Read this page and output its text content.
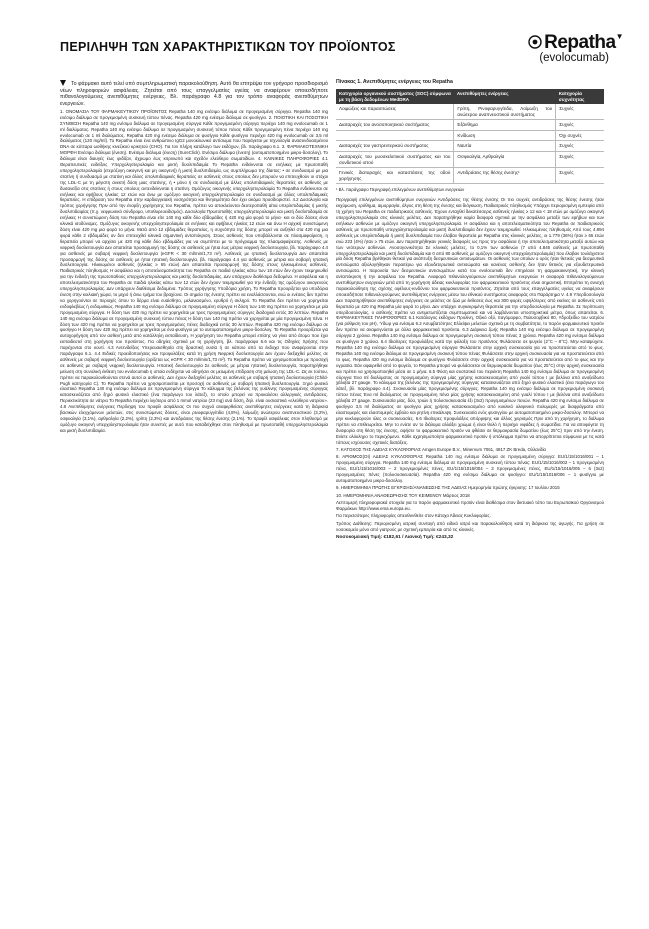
ΠΕΡΙΛΗΨΗ ΤΩΝ ΧΑΡΑΚΤΗΡΙΣΤΙΚΩΝ ΤΟΥ ΠΡΟΪΟΝΤΟΣ	Repatha▼
(evolocumab)

Το φάρμακο αυτό τελεί υπό συμπληρωματική παρακολούθηση. Αυτό θα επιτρέψει τον γρήγορο προσδιορισμό νέων πληροφοριών ασφάλειας. Ζητείται από τους επαγγελματίες υγείας να αναφέρουν οποιεσδήποτε πιθανολογούμενες ανεπιθύμητες ενέργειες. Βλ. παράγραφο 4.8 για τον τρόπο αναφοράς ανεπιθύμητων ενεργειών.

1. ΟΝΟΜΑΣΙΑ ΤΟΥ ΦΑΡΜΑΚΕΥΤΙΚΟΥ ΠΡΟΪΟΝΤΟΣ Repatha 140 mg ενέσιμο διάλυμα σε προγεμισμένη σύριγγα. Repatha 140 mg ενέσιμο διάλυμα σε προγεμισμένη συσκευή τύπου πένας. Repatha 420 mg ενέσιμο διάλυμα σε φυσίγγιο. 2. ΠΟΙΟΤΙΚΗ ΚΑΙ ΠΟΣΟΤΙΚΗ ΣΥΝΘΕΣΗ Repatha 140 mg ενέσιμο διάλυμα σε προγεμισμένη σύριγγα Κάθε προγεμισμένη σύριγγα περιέχει 140 mg evolocumab σε 1 ml διαλύματος. Repatha 140 mg ενέσιμο διάλυμα σε προγεμισμένη συσκευή τύπου πένας Κάθε προγεμισμένη πένα περιέχει 140 mg evolocumab σε 1 ml διαλύματος. Repatha 420 mg ενέσιμο διάλυμα σε φυσίγγιο Κάθε φυσίγγιο περιέχει 420 mg evolocumab σε 3,5 ml διαλύματος (120 mg/ml). Το Repatha είναι ένα ανθρώπινο IgG2 μονοκλωνικό αντίσωμα που παράγεται με τεχνολογία ανασυνδυασμένου DNA σε κύτταρα ωοθήκης κινεζικού κρικητού (CHO). Για τον πλήρη κατάλογο των εκδόχων, βλ. παράγραφο 6.1. 3. ΦΑΡΜΑΚΟΤΕΧΝΙΚΗ ΜΟΡΦΗ Ενέσιμο διάλυμα (ένεση). Ενέσιμο διάλυμα (ένεση) (SureClick). Ενέσιμο διάλυμα (ένεση) (αυτοματοποιημένο μικρο-δοσολογ). Το διάλυμα είναι διαυγές έως ιριδίζον, άχρωμο έως κιτρινωπό και σχεδόν ελεύθερο σωματιδίων. 4. ΚΛΙΝΙΚΕΣ ΠΛΗΡΟΦΟΡΙΕΣ 4.1 Θεραπευτικές ενδείξεις Υπερχοληστερολαιμία και μικτή δυσλιπιδαιμία Το Repatha ενδείκνυται σε ενήλικες με πρωτοπαθή υπερχοληστερολαιμία (ετερόζυγη οικογενή και μη οικογενή) ή μικτή δυσλιπιδαιμία, ως συμπλήρωμα της δίαιτας: • σε συνδυασμό με μια στατίνη ή συνδυασμό με στατίνη και άλλες υπολιπιδαιμικές θεραπείες σε ασθενείς στους οποίους δεν μπορούν να επιτευχθούν οι στόχοι της LDL-C με τη μέγιστη ανεκτή δόση μιας στατίνης, ή • μόνο ή σε συνδυασμό με άλλες υπολιπιδαιμικές θεραπείες σε ασθενείς με δυσανεξία στις στατίνες ή στους οποίους αντενδείκνυται η στατίνη. Ομόζυγος οικογενής υπερχοληστερολαιμία Το Repatha ενδείκνυται σε ενήλικες και εφήβους ηλικίας 12 ετών και άνω με ομόζυγο οικογενή υπερχοληστερολαιμία σε συνδυασμό με άλλες υπολιπιδαιμικές θεραπείες. Η επίδραση του Repatha στην καρδιαγγειακή νοσηρότητα και θνησιμότητα δεν έχει ακόμα προσδιοριστεί. 4.2 Δοσολογία και τρόπος χορήγησης Πριν από την έναρξη χορήγησης του Repatha, πρέπει να αποκλείονται δευτεροπαθή αίτια υπερλιπιδαιμίας ή μικτής δυσλιπιδαιμίας (π.χ. νεφρωσικό σύνδρομο, υποθυρεοειδισμός). Δοσολογία Πρωτοπαθής υπερχοληστερολαιμία και μικτή δυσλιπιδαιμία σε ενήλικες Η συνιστώμενη δόση του Repatha είναι είτε 140 mg κάθε δύο εβδομάδες ή 420 mg μία φορά το μήνα· και οι δύο δόσεις είναι κλινικά ισοδύναμες. Ομόζυγος οικογενής υπερχοληστερολαιμία σε ενήλικες και εφήβους ηλικίας 12 ετών και άνω Η αρχική συνιστώμενη δόση είναι 420 mg μια φορά το μήνα. Μετά από 12 εβδομάδες θεραπείας, η συχνότητα της δόσης μπορεί να αυξηθεί στα 420 mg μια φορά κάθε 2 εβδομάδες αν δεν επιτευχθεί κλινικά σημαντική ανταπόκριση. Στους ασθενείς που υποβάλλονται σε πλασμαφαίρεση, η θεραπεία μπορεί να αρχίσει με 420 mg κάθε δύο εβδομάδες για να συμπίπτει με το πρόγραμμα της πλασμαφαίρεσης. Ασθενείς με νεφρική δυσλειτουργία Δεν απαιτείται προσαρμογή της δόσης σε ασθενείς με ήπια έως μέτρια νεφρική δυσλειτουργία, βλ. παράγραφο 4.4 για ασθενείς με σοβαρή νεφρική δυσλειτουργία (eGFR < 30 ml/min/1,73 m²). Ασθενείς με ηπατική δυσλειτουργία Δεν απαιτείται προσαρμογή της δόσης σε ασθενείς με ήπια ηπατική δυσλειτουργία, βλ. παράγραφο 4.4 για ασθενείς με μέτρια και σοβαρή ηπατική δυσλειτουργία. Ηλικιωμένοι ασθενείς (ηλικίας ≥ 65 ετών) Δεν απαιτείται προσαρμογή της δόσης στους ηλικιωμένους ασθενείς. Παιδιατρικός πληθυσμός Η ασφάλεια και η αποτελεσματικότητα του Repatha σε παιδιά ηλικίας κάτω των 18 ετών δεν έχουν τεκμηριωθεί για την ένδειξη της πρωτοπαθούς υπερχοληστερολαιμίας και μικτής δυσλιπιδαιμίας. Δεν υπάρχουν διαθέσιμα δεδομένα. Η ασφάλεια και η αποτελεσματικότητα του Repatha σε παιδιά ηλικίας κάτω των 12 ετών δεν έχουν τεκμηριωθεί για την ένδειξη της ομόζυγου οικογενούς υπερχοληστερολαιμίας. Δεν υπάρχουν διαθέσιμα δεδομένα. Τρόπος χορήγησης Υποδόρια χρήση. Το Repatha προορίζεται για υποδόρια ένεση στην κοιλιακή χώρα, το μηρό ή άνω τμήμα του βραχίονα. Οι σημεία της ένεσης πρέπει να εναλλάσσονται, ενώ οι ενέσεις δεν πρέπει να χορηγούνται σε περιοχές όπου το δέρμα είναι ευαίσθητο, μελανιασμένο, ερυθρό ή σκληρό. Το Repatha δεν πρέπει να χορηγείται ενδοφλεβίως ή ενδομυϊκώς. Repatha 140 mg ενέσιμο διάλυμα σε προγεμισμένη σύριγγα Η δόση των 140 mg πρέπει να χορηγείται με μία προγεμισμένη σύριγγα. Η δόση των 420 mg πρέπει να χορηγείται με τρεις προγεμισμένες σύριγγες διαδοχικά εντός 30 λεπτών. Repatha 140 mg ενέσιμο διάλυμα σε προγεμισμένη συσκευή τύπου πένας Η δόση των 140 mg πρέπει να χορηγείται με μία προγεμισμένη πένα. Η δόση των 420 mg πρέπει να χορηγείται με τρεις προγεμισμένες πένες διαδοχικά εντός 30 λεπτών. Repatha 420 mg ενέσιμο διάλυμα σε φυσίγγιο Η δόση των 420 mg πρέπει να χορηγείται με ένα φυσίγγιο με το αυτοματοποιημένο μικρο-δοσολογ. Το Repatha προορίζεται για αυτοχορήγηση από τον ασθενή μετά από κατάλληλη εκπαίδευση. Η χορήγηση του Repatha μπορεί επίσης να γίνει από άτομο που έχει εκπαιδευτεί στη χορήγηση του προϊόντος. Για οδηγίες σχετικά με τη χορήγηση, βλ. παράγραφο 6.6 και τις Οδηγίες Χρήσης που παρέχονται στο κουτί. 4.3 Αντενδείξεις Υπερευαισθησία στη δραστική ουσία ή σε κάποιο από τα έκδοχα που αναφέρονται στην παράγραφο 6.1. 4.4 Ειδικές προειδοποιήσεις και προφυλάξεις κατά τη χρήση Νεφρική δυσλειτουργία Δεν έχουν διεξαχθεί μελέτες σε ασθενείς με σοβαρή νεφρική δυσλειτουργία (ορίζεται ως eGFR < 30 ml/min/1,73 m²). Το Repatha πρέπει να χρησιμοποιείται με προσοχή σε ασθενείς με σοβαρή νεφρική δυσλειτουργία. Ηπατική δυσλειτουργία Σε ασθενείς με μέτρια ηπατική δυσλειτουργία, παρατηρήθηκε μείωση στη συνολική έκθεση του evolocumab η οποία ενδέχεται να οδηγήσει σε μειωμένη επίδραση στη μείωση της LDL-C. Ως εκ τούτου, πρέπει να παρακολουθούνται στενά αυτοί οι ασθενείς. Δεν έχουν διεξαχθεί μελέτες σε ασθενείς με σοβαρή ηπατική δυσλειτουργία (Child-Pugh κατηγορία C). Το Repatha πρέπει να χρησιμοποιείται με προσοχή σε ασθενείς με σοβαρή ηπατική δυσλειτουργία. Ξηρό φυσικό ελαστικό Repatha 140 mg ενέσιμο διάλυμα σε προγεμισμένη σύριγγα Το κάλυμμα της βελόνας της γυάλινης προγεμισμένης σύριγγας κατασκευάζεται από ξηρό φυσικό ελαστικό (ένα παράγωγο του λάτεξ), το οποίο μπορεί να προκαλέσει αλλεργικές αντιδράσεις. Περιεκτικότητα σε νάτριο Το Repatha περιέχει λιγότερο από 1 mmol νατρίου (23 mg) ανά δόση, δηλ. είναι ουσιαστικά «ελεύθερο νατρίου». 4.8 Ανεπιθύμητες ενέργειες Περίληψη του προφίλ ασφάλειας Οι πιο συχνά αναφερθείσες ανεπιθύμητες ενέργειες κατά τη διάρκεια βασικών ελεγχόμενων μελετών, στις συνιστώμενες δόσεις, είναι ρινοφαρυγγίτιδα (4,8%), λοίμωξη ανώτερου αναπνευστικού (3,2%), οσφυαλγία (3,1%), αρθραλγία (2,2%), γρίπη (2,3%) και αντιδράσεις της θέσης ένεσης (2,1%). Το προφίλ ασφάλειας στον πληθυσμό με ομόζυγο οικογενή υπερχοληστερολαιμία ήταν συνεπές με αυτό που καταδείχθηκε στον πληθυσμό με πρωτοπαθή υπερχοληστερολαιμία και μικτή δυσλιπιδαιμία.

Πίνακας 1. Ανεπιθύμητες ενέργειες του Repatha
Κατηγορία οργανικού συστήματος (SOC) σύμφωνα με τη βάση δεδομένων MedDRA	Ανεπιθύμητες ενέργειες	Κατηγορία συχνότητας
Λοιμώξεις και παρασιτώσεις	Γρίπη, Ρινοφαρυγγίτιδα, Λοίμωξη του ανώτερου αναπνευστικού συστήματος	Συχνές
Διαταραχές του ανοσοποιητικού συστήματος	Εξάνθημα	Συχνές
	Κνίδωση	Όχι συχνές
Διαταραχές του γαστρεντερικού συστήματος	Ναυτία	Συχνές
Διαταραχές του μυοσκελετικού συστήματος και του συνδετικού ιστού	Οσφυαλγία, Αρθραλγία	Συχνές
Γενικές διαταραχές και καταστάσεις της οδού χορήγησης	Αντιδράσεις της θέσης ένεσης¹	Συχνές
¹ Βλ. παράγραφο Περιγραφή επιλεγμένων ανεπιθύμητων ενεργειών

Περιγραφή επιλεγμένων ανεπιθύμητων ενεργειών Αντιδράσεις της θέσης ένεσης Οι πιο συχνές αντιδράσεις της θέσης ένεσης ήταν εκχύμωση, ερύθημα, αιμορραγία, άλγος στη θέση της ένεσης και διόγκωση. Παιδιατρικός πληθυσμός Υπάρχει περιορισμένη εμπειρία από τη χρήση του Repatha σε παιδιατρικούς ασθενείς. Έχουν ενταχθεί δεκατέσσερις ασθενείς ηλικίας ≥ 12 και < 18 ετών με ομόζυγο οικογενή υπερχοληστερολαιμία στις κλινικές μελέτες. Δεν παρατηρήθηκε καμία διαφορά σχετικά με την ασφάλεια μεταξύ των εφήβων και των ενήλικων ασθενών με ομόζυγο οικογενή υπερχοληστερολαιμία. Η ασφάλεια και η αποτελεσματικότητα του Repatha σε παιδιατρικούς ασθενείς με πρωτοπαθή υπερχοληστερολαιμία και μικτή δυσλιπιδαιμία δεν έχουν τεκμηριωθεί. Ηλικιωμένος πληθυσμός Από τους 4.894 ασθενείς με υπερλιπιδαιμία ή μικτή δυσλιπιδαιμία που έλαβαν θεραπεία με Repatha στις κλινικές μελέτες, οι 1.779 (36%) ήταν ≥ 65 ετών ενώ 223 (4%) ήταν ≥ 75 ετών. Δεν παρατηρήθηκαν γενικές διαφορές ως προς την ασφάλεια ή την αποτελεσματικότητα μεταξύ αυτών και των νεότερων ασθενών. Ανοσογονικότητα Σε κλινικές μελέτες, το 0,1% των ασθενών (7 από 4.846 ασθενείς με πρωτοπαθή υπερχοληστερολαιμία και μικτή δυσλιπιδαιμία και 0 από 80 ασθενείς με ομόζυγο οικογενή υπερχοληστερολαιμία) που έλαβαν τουλάχιστον μία δόση Repatha βρέθηκαν θετικοί για ανάπτυξη δεσμευτικών αντισωμάτων. Οι ασθενείς των οποίων ο ορός ήταν θετικός για δεσμευτικά αντισώματα αξιολογήθηκαν περαιτέρω για εξουδετερωτικά αντισώματα και κανένας ασθενής δεν ήταν θετικός για εξουδετερωτικά αντισώματα. Η παρουσία των δεσμευτικών αντισωμάτων κατά του evolocumab δεν επηρέασε τη φαρμακοκινητική, την κλινική ανταπόκριση ή την ασφάλεια του Repatha. Αναφορά πιθανολογούμενων ανεπιθύμητων ενεργειών Η αναφορά πιθανολογούμενων ανεπιθύμητων ενεργειών μετά από τη χορήγηση άδειας κυκλοφορίας του φαρμακευτικού προϊόντος είναι σημαντική. Επιτρέπει τη συνεχή παρακολούθηση της σχέσης οφέλους-κινδύνου του φαρμακευτικού προϊόντος. Ζητείται από τους επαγγελματίες υγείας να αναφέρουν οποιεσδήποτε πιθανολογούμενες ανεπιθύμητες ενέργειες μέσω του εθνικού συστήματος αναφοράς στο Παράρτημα V. 4.9 Υπερδοσολογία Δεν παρατηρήθηκαν ανεπιθύμητες ενέργειες σε μελέτες σε ζώα με έκθεσεις έως και 300 φορές υψηλότερες από εκείνες σε ασθενείς υπό θεραπεία με 420 mg Repatha μία φορά το μήνα. Δεν υπάρχει συγκεκριμένη θεραπεία για την υπερδοσολογία με Repatha. Σε περίπτωση υπερδοσολογίας, ο ασθενής πρέπει να αντιμετωπίζεται συμπτωματικά και να λαμβάνονται υποστηρικτικά μέτρα, όπως απαιτείται. 6. ΦΑΡΜΑΚΕΥΤΙΚΕΣ ΠΛΗΡΟΦΟΡΙΕΣ 6.1 Κατάλογος εκδόχων Προλίνη, Οξικό οξύ, παγόμορφο, Πολυσορβικό 80, Υδροξείδιο του νατρίου (για ρύθμιση του pH), Ύδωρ για ενέσιμα 6.2 Ασυμβατότητες Ελλείψει μελετών σχετικά με τη συμβατότητα, το παρόν φαρμακευτικό προϊόν δεν πρέπει να αναμειγνύεται με άλλα φαρμακευτικά προϊόντα. 6.3 Διάρκεια ζωής Repatha 140 mg ενέσιμο διάλυμα σε προγεμισμένη σύριγγα 2 χρόνια. Repatha 140 mg ενέσιμο διάλυμα σε προγεμισμένη συσκευή τύπου πένας 3 χρόνια. Repatha 420 mg ενέσιμο διάλυμα σε φυσίγγιο 2 χρόνια. 6.4 Ιδιαίτερες προφυλάξεις κατά την φύλαξη του προϊόντος Φυλάσσετε σε ψυγείο (2°C – 8°C). Μην καταψύχετε. Repatha 140 mg ενέσιμο διάλυμα σε προγεμισμένη σύριγγα Φυλάσσετε στην αρχική συσκευασία για να προστατεύεται από το φως. Repatha 140 mg ενέσιμο διάλυμα σε προγεμισμένη συσκευή τύπου πένας Φυλάσσετε στην αρχική συσκευασία για να προστατεύεται από το φως. Repatha 420 mg ενέσιμο διάλυμα σε φυσίγγιο Φυλάσσετε στην αρχική συσκευασία για να προστατεύεται από το φως και την υγρασία. Εάν αφαιρεθεί από το ψυγείο, το Repatha μπορεί να φυλάσσεται σε θερμοκρασία δωματίου (έως 25°C) στην αρχική συσκευασία και πρέπει να χρησιμοποιηθεί μέσα σε 1 μήνα. 6.5 Φύση και συστατικά του περιέκτη Repatha 140 mg ενέσιμο διάλυμα σε προγεμισμένη σύριγγα Ένα ml διαλύματος σε προγεμισμένη σύριγγα μίας χρήσης κατασκευασμένη από γυαλί τύπου Ι με βελόνα από ανοξείδωτο χάλυβα 27 gauge. Το κάλυμμα της βελόνας της προγεμισμένης σύριγγας κατασκευάζεται από ξηρό φυσικό ελαστικό (ένα παράγωγο του λάτεξ, βλ. παράγραφο 4.4). Συσκευασία μίας προγεμισμένης σύριγγας. Repatha 140 mg ενέσιμο διάλυμα σε προγεμισμένη συσκευή τύπου πένας Ένα ml διαλύματος σε προγεμισμένη πένα μίας χρήσης κατασκευασμένη από γυαλί τύπου Ι με βελόνα από ανοξείδωτο χάλυβα 27 gauge. Συσκευασία μίας, δύο, τριών ή πολυσυσκευασία έξι (3x2) προγεμισμένων πενών. Repatha 420 mg ενέσιμο διάλυμα σε φυσίγγιο 3,5 ml διαλύματος σε φυσίγγιο μίας χρήσης κατασκευασμένο από κυκλικό ολεφινικό πολυμερές με διαφράγματα από ελαστομερές και ελαστομερές έμβολο και ρητίνη επικάλυψη. Συσκευασία ενός φυσιγγίου με αυτοματοποιημένο μικρο-δοσολογ. Μπορεί να μην κυκλοφορούν όλες οι συσκευασίες. 6.6 Ιδιαίτερες προφυλάξεις απόρριψης και άλλος χειρισμός Πριν από τη χορήγηση, το διάλυμα πρέπει να επιθεωρείται. Μην το ενίετε αν το διάλυμα αλλάξει χρώμα ή είναι θολό ή περιέχει νιφάδες ή σωματίδια. Για να αποφύγετε τη δυσφορία στη θέση της ένεσης, αφήστε το φαρμακευτικό προϊόν να φθάσει σε θερμοκρασία δωματίου (έως 25°C) πριν από την ένεση. Ενίετε ολόκληρο το περιεχόμενο. Κάθε αχρησιμοποίητο φαρμακευτικό προϊόν ή υπόλειμμα πρέπει να απορρίπτεται σύμφωνα με τις κατά τόπους ισχύουσες σχετικές διατάξεις.

7. ΚΑΤΟΧΟΣ ΤΗΣ ΑΔΕΙΑΣ ΚΥΚΛΟΦΟΡΙΑΣ Amgen Europe B.V., Minervum 7061, 4817 ZK Breda, Ολλανδία

8. ΑΡΙΘΜΟΣ(ΟΙ) ΑΔΕΙΑΣ ΚΥΚΛΟΦΟΡΙΑΣ Repatha 140 mg ενέσιμο διάλυμα σε προγεμισμένη σύριγγα: EU/1/15/1016/001 – 1 προγεμισμένη σύριγγα. Repatha 140 mg ενέσιμο διάλυμα σε προγεμισμένη συσκευή τύπου πένας: EU/1/15/1016/002 – 1 προγεμισμένη πένα, EU/1/15/1016/003 – 2 προγεμισμένες πένες, EU/1/15/1016/004 – 3 προγεμισμένες πένες, EU/1/15/1016/005 – 6 (3x2) προγεμισμένες πένες (πολυσυσκευασία). Repatha 420 mg ενέσιμο διάλυμα σε φυσίγγιο: EU/1/15/1016/006 – 1 φυσίγγιο με αυτοματοποιημένο μικρο-δοσολογ.

9. ΗΜΕΡΟΜΗΝΙΑ ΠΡΩΤΗΣ ΕΓΚΡΙΣΗΣ/ΑΝΑΝΕΩΣΗΣ ΤΗΣ ΑΔΕΙΑΣ Ημερομηνία πρώτης έγκρισης: 17 Ιουλίου 2015

10. ΗΜΕΡΟΜΗΝΙΑ ΑΝΑΘΕΩΡΗΣΗΣ ΤΟΥ ΚΕΙΜΕΝΟΥ Μάρτιος 2018

Λεπτομερή πληροφοριακά στοιχεία για το παρόν φαρμακευτικό προϊόν είναι διαθέσιμα στον δικτυακό τόπο του Ευρωπαϊκού Οργανισμού Φαρμάκων http://www.ema.europa.eu.

Για περισσότερες πληροφορίες απευθυνθείτε στον Κάτοχο Άδειας Κυκλοφορίας.

Τρόπος Διάθεσης: Περιορισμένη ιατρική συνταγή από ειδικό ιατρό και παρακολούθηση κατά τη διάρκεια της αγωγής. Για χρήση σε νοσοκομείο μόνο από γιατρούς με σχετική εμπειρία και από τις κλινικές.

Νοσοκομειακή Τιμή: €182,61 / Λιανική Τιμή: €243,32
